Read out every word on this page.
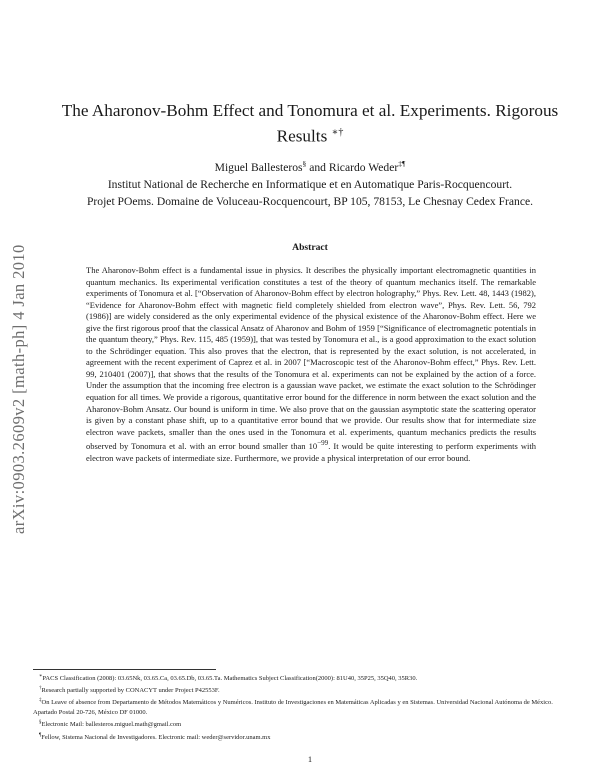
arXiv:0903.2609v2 [math-ph] 4 Jan 2010
The Aharonov-Bohm Effect and Tonomura et al. Experiments. Rigorous Results ∗†
Miguel Ballesteros§ and Ricardo Weder‡¶
Institut National de Recherche en Informatique et en Automatique Paris-Rocquencourt.
Projet POems. Domaine de Voluceau-Rocquencourt, BP 105, 78153, Le Chesnay Cedex France.
Abstract

The Aharonov-Bohm effect is a fundamental issue in physics. It describes the physically important electromagnetic quantities in quantum mechanics. Its experimental verification constitutes a test of the theory of quantum mechanics itself. The remarkable experiments of Tonomura et al. [“Observation of Aharonov-Bohm effect by electron holography,” Phys. Rev. Lett. 48, 1443 (1982), “Evidence for Aharonov-Bohm effect with magnetic field completely shielded from electron wave”, Phys. Rev. Lett. 56, 792 (1986)] are widely considered as the only experimental evidence of the physical existence of the Aharonov-Bohm effect. Here we give the first rigorous proof that the classical Ansatz of Aharonov and Bohm of 1959 [“Significance of electromagnetic potentials in the quantum theory,” Phys. Rev. 115, 485 (1959)], that was tested by Tonomura et al., is a good approximation to the exact solution to the Schrödinger equation. This also proves that the electron, that is represented by the exact solution, is not accelerated, in agreement with the recent experiment of Caprez et al. in 2007 [“Macroscopic test of the Aharonov-Bohm effect,” Phys. Rev. Lett. 99, 210401 (2007)], that shows that the results of the Tonomura et al. experiments can not be explained by the action of a force. Under the assumption that the incoming free electron is a gaussian wave packet, we estimate the exact solution to the Schrödinger equation for all times. We provide a rigorous, quantitative error bound for the difference in norm between the exact solution and the Aharonov-Bohm Ansatz. Our bound is uniform in time. We also prove that on the gaussian asymptotic state the scattering operator is given by a constant phase shift, up to a quantitative error bound that we provide. Our results show that for intermediate size electron wave packets, smaller than the ones used in the Tonomura et al. experiments, quantum mechanics predicts the results observed by Tonomura et al. with an error bound smaller than $10^{-99}$. It would be quite interesting to perform experiments with electron wave packets of intermediate size. Furthermore, we provide a physical interpretation of our error bound.

∗PACS Classification (2008): 03.65Nk, 03.65.Ca, 03.65.Db, 03.65.Ta. Mathematics Subject Classification(2000): 81U40, 35P25, 35Q40, 35R30.

†Research partially supported by CONACYT under Project P42553F.

‡On Leave of absence from Departamento de Métodos Matemáticos y Numéricos. Instituto de Investigaciones en Matemáticas Aplicadas y en Sistemas. Universidad Nacional Autónoma de México. Apartado Postal 20-726, México DF 01000.

§Electronic Mail: ballesteros.miguel.math@gmail.com

¶Fellow, Sistema Nacional de Investigadores. Electronic mail: weder@servidor.unam.mx

1
